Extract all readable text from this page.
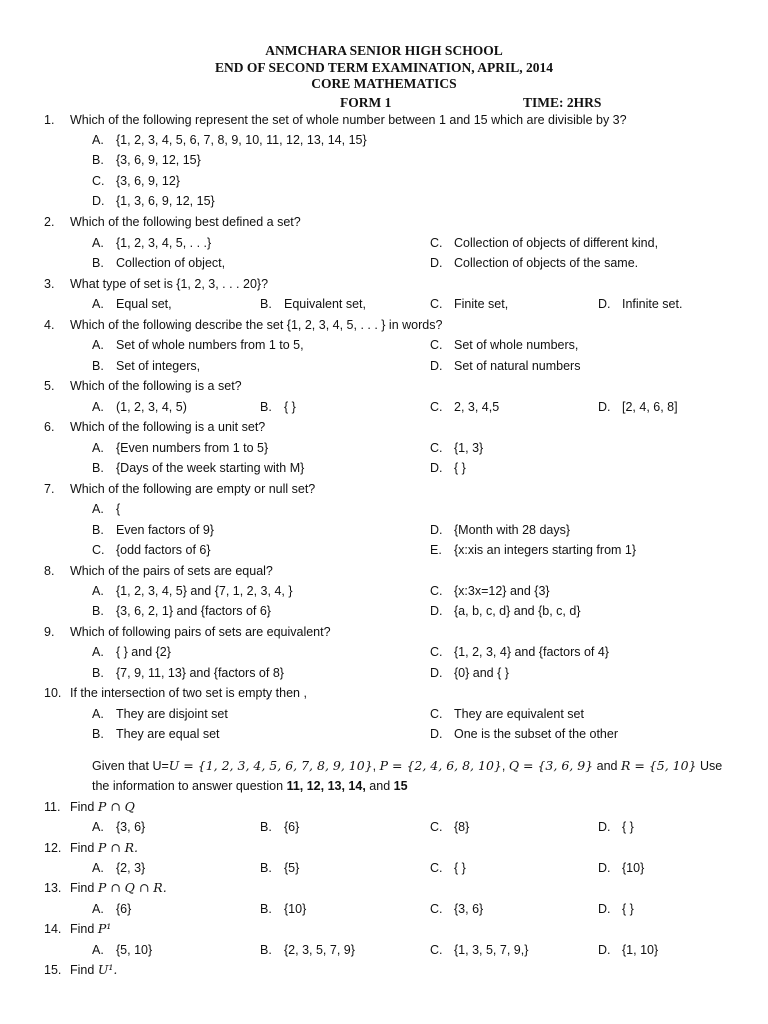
ANMCHARA SENIOR HIGH SCHOOL
END OF SECOND TERM EXAMINATION, APRIL, 2014
CORE MATHEMATICS
FORM 1	TIME: 2HRS
1. Which of the following represent the set of whole number between 1 and 15 which are divisible by 3?
A. {1, 2, 3, 4, 5, 6, 7, 8, 9, 10, 11, 12, 13, 14, 15}
B. {3, 6, 9, 12, 15}
C. {3, 6, 9, 12}
D. {1, 3, 6, 9, 12, 15}
2. Which of the following best defined a set?
A. {1, 2, 3, 4, 5, . . .}	C. Collection of objects of different kind,
B. Collection of object,	D. Collection of objects of the same.
3. What type of set is {1, 2, 3, . . . 20}?
A. Equal set,	B. Equivalent set,	C. Finite set,	D. Infinite set.
4. Which of the following describe the set {1, 2, 3, 4, 5, . . . } in words?
A. Set of whole numbers from 1 to 5,	C. Set of whole numbers,
B. Set of integers,	D. Set of natural numbers
5. Which of the following is a set?
A. (1, 2, 3, 4, 5)	B. { }	C. 2, 3, 4,5	D. [2, 4, 6, 8]
6. Which of the following is a unit set?
A. {Even numbers from 1 to 5}	C. {1, 3}
B. {Days of the week starting with M}	D. { }
7. Which of the following are empty or null set?
A. {
B. Even factors of 9}	D. {Month with 28 days}
C. {odd factors of 6}	E. {x:xis an integers starting from 1}
8. Which of the pairs of sets are equal?
A. {1, 2, 3, 4, 5} and {7, 1, 2, 3, 4, }	C. {x:3x=12} and {3}
B. {3, 6, 2, 1} and {factors of 6}	D. {a, b, c, d} and {b, c, d}
9. Which of following pairs of sets are equivalent?
A. { } and {2}	C. {1, 2, 3, 4} and {factors of 4}
B. {7, 9, 11, 13} and {factors of 8}	D. {0} and { }
10. If the intersection of two set is empty then ,
A. They are disjoint set	C. They are equivalent set
B. They are equal set	D. One is the subset of the other
Given that U=U = {1, 2, 3, 4, 5, 6, 7, 8, 9, 10}, P = {2, 4, 6, 8, 10}, Q = {3, 6, 9} and R = {5, 10} Use
the information to answer question 11, 12, 13, 14, and 15
11. Find P ∩ Q
A. {3, 6}	B. {6}	C. {8}	D. { }
12. Find P ∩ R.
A. {2, 3}	B. {5}	C. { }	D. {10}
13. Find P ∩ Q ∩ R.
A. {6}	B. {10}	C. {3, 6}	D. { }
14. Find P¹
A. {5, 10}	B. {2, 3, 5, 7, 9}	C. {1, 3, 5, 7, 9,}	D. {1, 10}
15. Find U¹.
